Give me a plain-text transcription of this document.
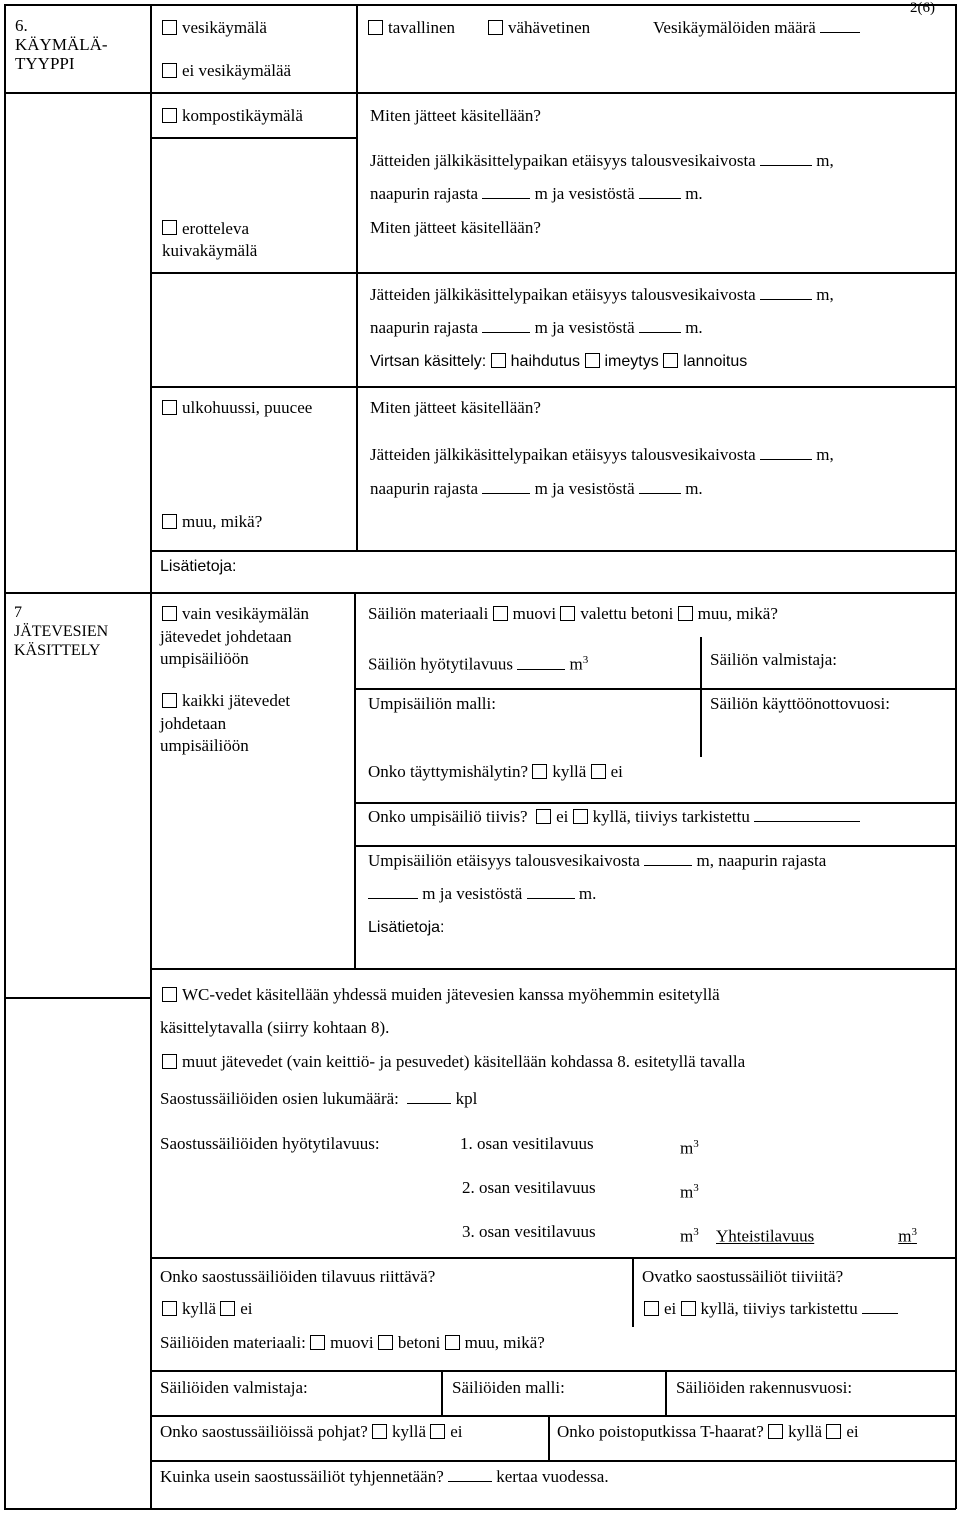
2(6)
6.
KÄYMÄLÄ-
TYYPPI
vesikäymälä	tavallinen	vähävetinen	Vesikäymälöiden määrä
ei vesikäymälää
kompostikäymälä	Miten jätteet käsitellään?
Jätteiden jälkikäsittelypaikan etäisyys talousvesikaivosta	m,
naapurin rajasta	m ja vesistöstä	m.
erotteleva
kuivakäymälä
Miten jätteet käsitellään?
Jätteiden jälkikäsittelypaikan etäisyys talousvesikaivosta	m,
naapurin rajasta	m ja vesistöstä	m.
Virtsan käsittely: haihdutus imeytys lannoitus
ulkohuussi, puucee	Miten jätteet käsitellään?
Jätteiden jälkikäsittelypaikan etäisyys talousvesikaivosta	m,
naapurin rajasta	m ja vesistöstä	m.
muu, mikä?
Lisätietoja:
7
JÄTEVESIEN
KÄSITTELY
vain vesikäymälän
jätevedet johdetaan
umpisäiliöön
kaikki jätevedet
johdetaan
umpisäiliöön
Säiliön materiaali muovi valettu betoni muu, mikä?
Säiliön hyötytilavuus	$m^3$	Säiliön valmistaja:
Umpisäiliön malli:	Säiliön käyttöönottovuosi:
Onko täyttymishälytin? kyllä ei
Onko umpisäiliö tiivis? ei kyllä, tiiviys tarkistettu
Umpisäiliön etäisyys talousvesikaivosta	m, naapurin rajasta
m ja vesistöstä	m.
Lisätietoja:
WC-vedet käsitellään yhdessä muiden jätevesien kanssa myöhemmin esitetyllä
käsittelytavalla (siirry kohtaan 8).
muut jätevedet (vain keittiö- ja pesuvedet) käsitellään kohdassa 8. esitetyllä tavalla
Saostussäiliöiden osien lukumäärä:	kpl
Saostussäiliöiden hyötytilavuus:	1. osan vesitilavuus	$m^3$
2. osan vesitilavuus	$m^3$
3. osan vesitilavuus	$m^3$ Yhteistilavuus	$m^3$
Onko saostussäiliöiden tilavuus riittävä?
kyllä ei
Ovatko saostussäiliöt tiiviitä?
ei kyllä, tiiviys tarkistettu
Säiliöiden materiaali: muovi betoni muu, mikä?
Säiliöiden valmistaja:	Säiliöiden malli:	Säiliöiden rakennusvuosi:
Onko saostussäiliöissä pohjat? kyllä ei	Onko poistoputkissa T-haarat? kyllä ei
Kuinka usein saostussäiliöt tyhjennetään?	kertaa vuodessa.
